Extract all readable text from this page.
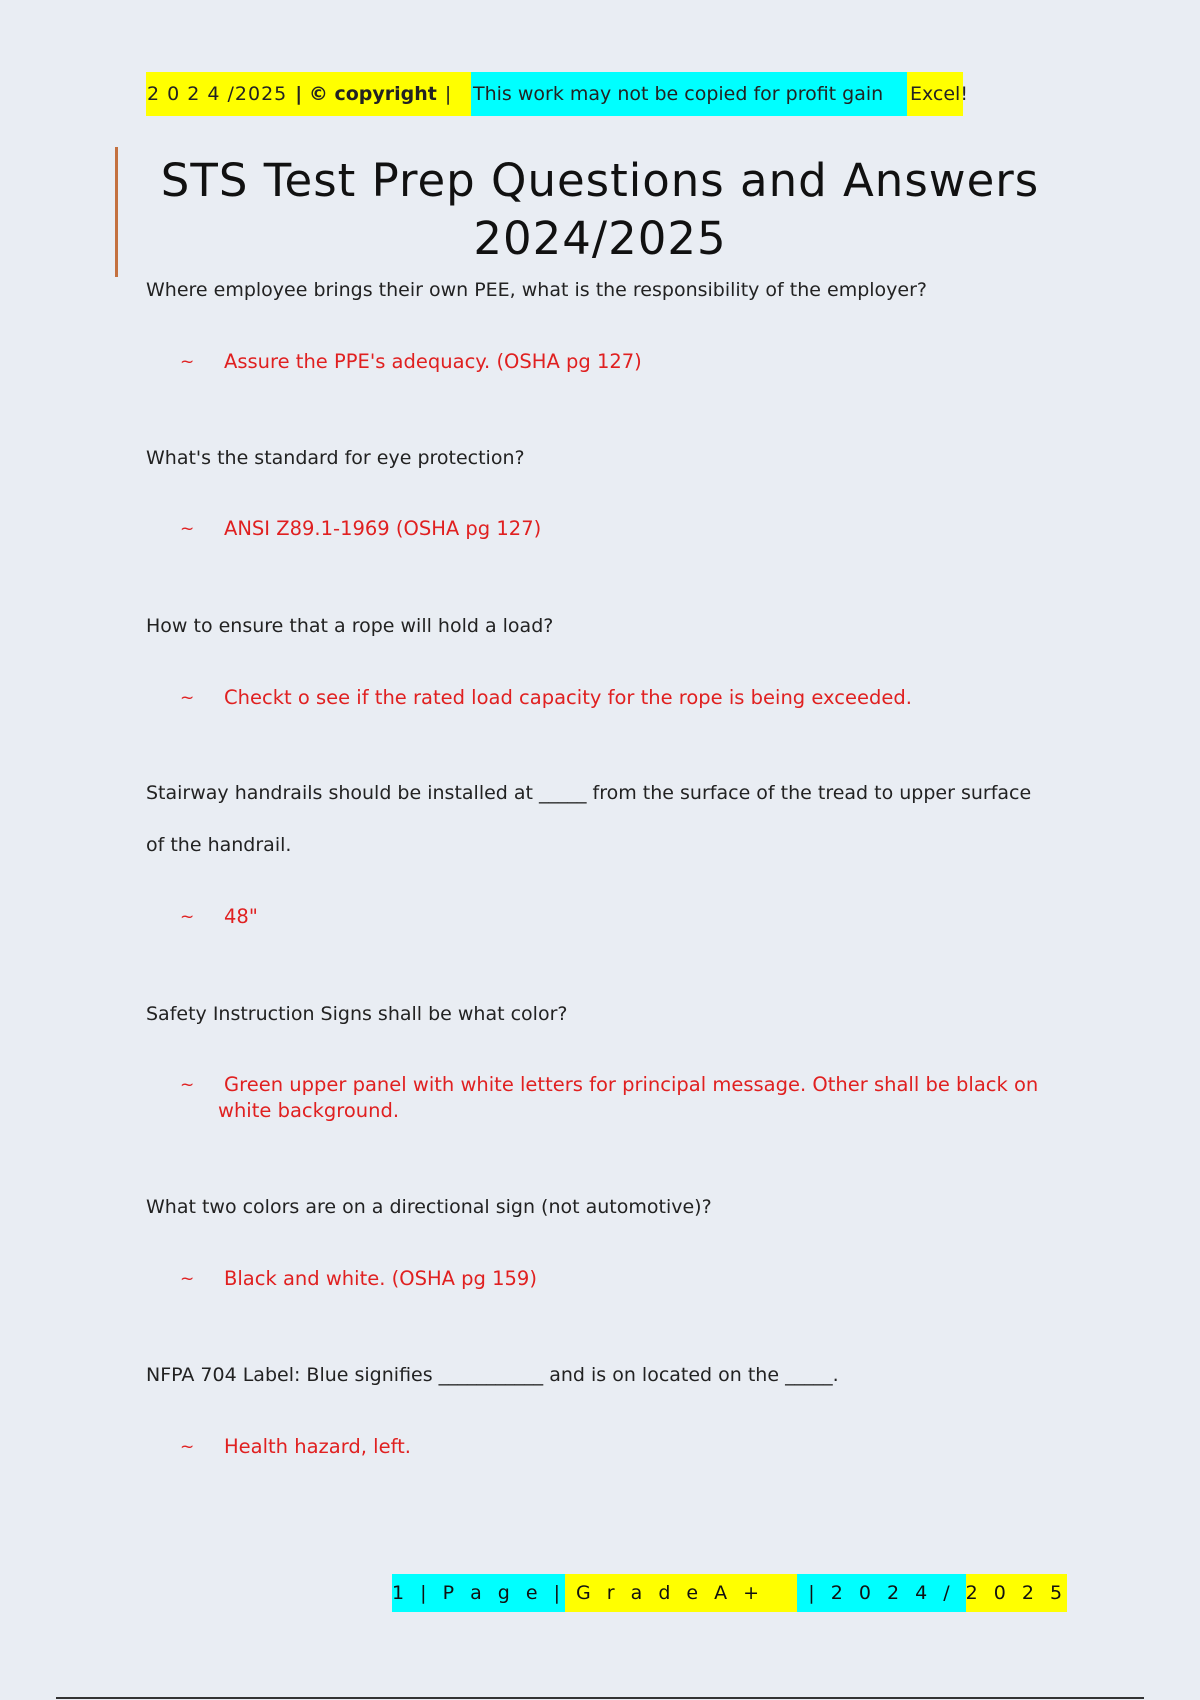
2 0 2 4 /2025 | © copyright | This work may not be copied for profit gain Excel!
STS Test Prep Questions and Answers
2024/2025
Where employee brings their own PEE, what is the responsibility of the employer?
~	Assure the PPE's adequacy. (OSHA pg 127)
What's the standard for eye protection?
~	ANSI Z89.1-1969 (OSHA pg 127)
How to ensure that a rope will hold a load?
~	Checkt o see if the rated load capacity for the rope is being exceeded.
Stairway handrails should be installed at _____ from the surface of the tread to upper surface
of the handrail.
~	48"
Safety Instruction Signs shall be what color?
~	Green upper panel with white letters for principal message. Other shall be black on
white background.
What two colors are on a directional sign (not automotive)?
~	Black and white. (OSHA pg 159)
NFPA 704 Label: Blue signifies ___________ and is on located on the _____.
~	Health hazard, left.
1 | P a g e | G r a d e A + | 2 0 2 4 / 2 0 2 5
